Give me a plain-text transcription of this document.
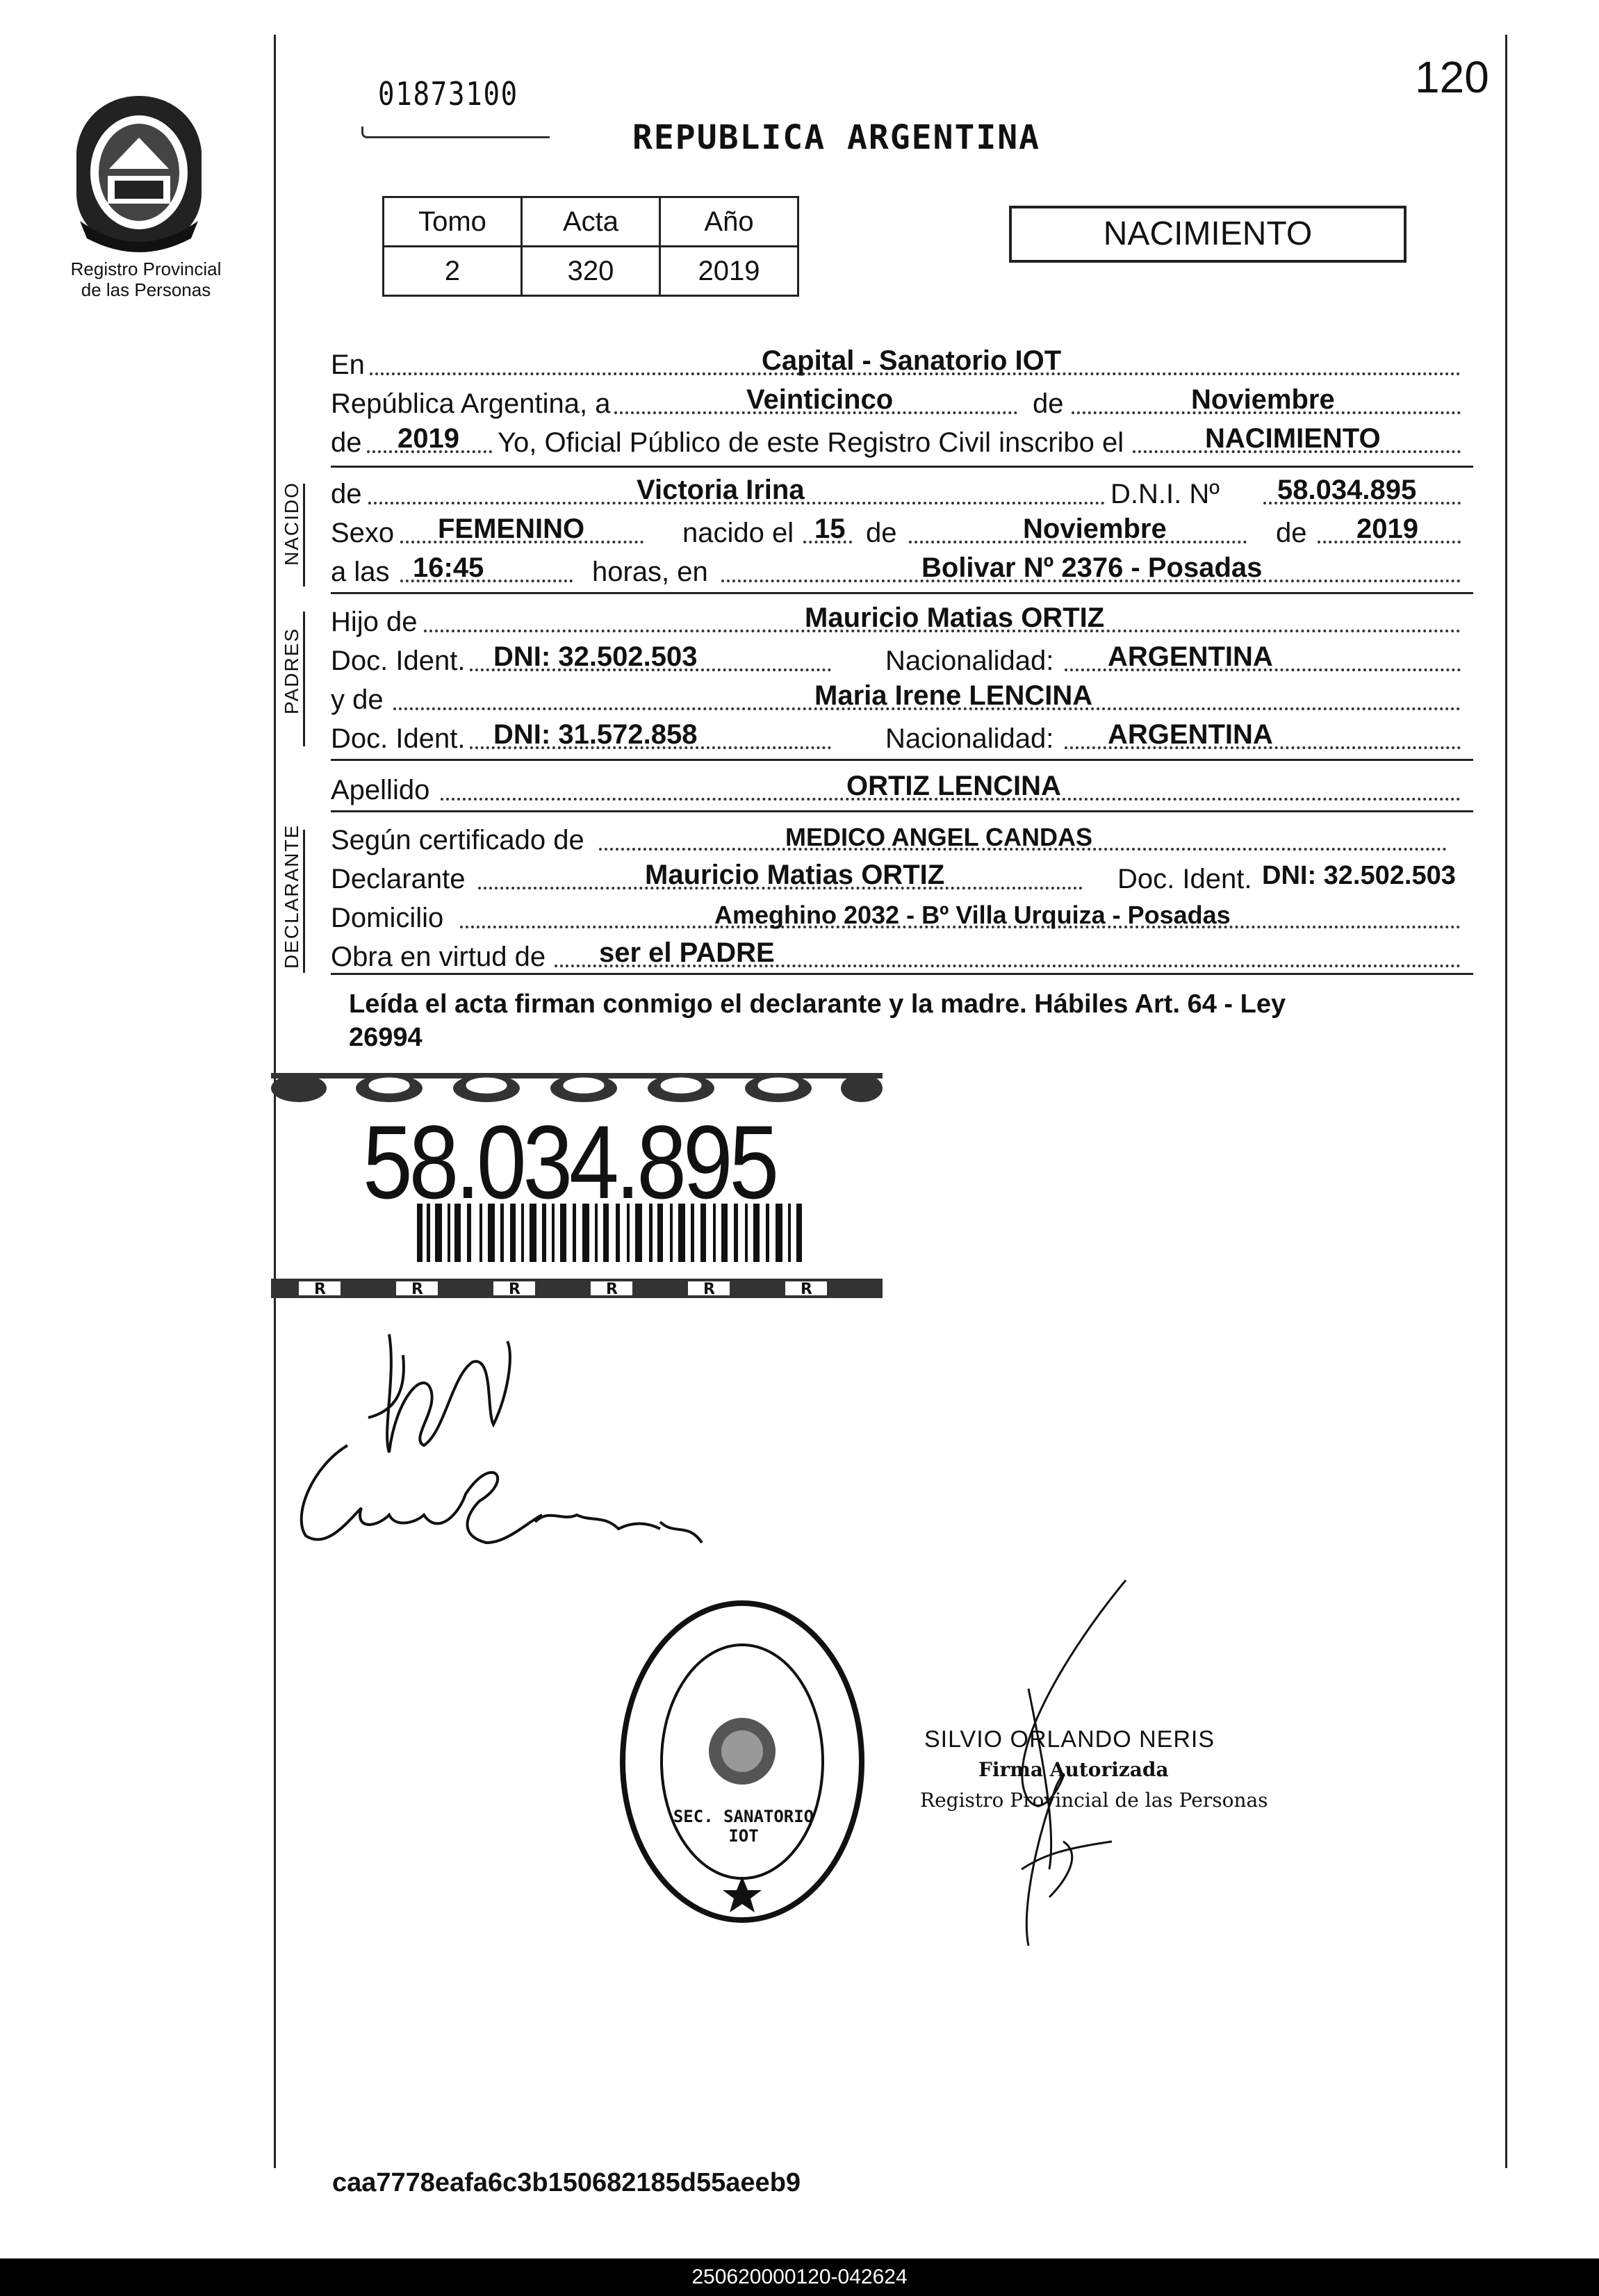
Registro Provincial
de las Personas
01873100	120
REPUBLICA ARGENTINA
Tomo	Acta	Año
2	320	2019
NACIMIENTO
En	Capital - Sanatorio IOT
República Argentina, a	Veinticinco	de	Noviembre
de 2019 Yo, Oficial Público de este Registro Civil inscribo el	NACIMIENTO
NACIDO de	Victoria Irina	D.N.I. Nº 58.034.895
Sexo FEMENINO	nacido el 15 de	Noviembre	de 2019
a las 16:45	horas, en	Bolivar Nº 2376 - Posadas
PADRES
Hijo de	Mauricio Matias ORTIZ
Doc. Ident. DNI: 32.502.503	Nacionalidad: ARGENTINA
y de	Maria Irene LENCINA
Doc. Ident. DNI: 31.572.858	Nacionalidad: ARGENTINA
Apellido	ORTIZ LENCINA
DECLARANTE Según certificado de	MEDICO ANGEL CANDAS
Declarante	Mauricio Matias ORTIZ	Doc. Ident. DNI: 32.502.503
Domicilio	Ameghino 2032 - Bº Villa Urquiza - Posadas
Obra en virtud de ser el PADRE
Leída el acta firman conmigo el declarante y la madre. Hábiles Art. 64 - Ley
26994
R	R	R	R	R	R
58.034.895
SEC. SANATORIO IOT
SILVIO ORLANDO NERIS
Firma Autorizada
Registro Provincial de las Personas
caa7778eafa6c3b150682185d55aeeb9
250620000120-042624
